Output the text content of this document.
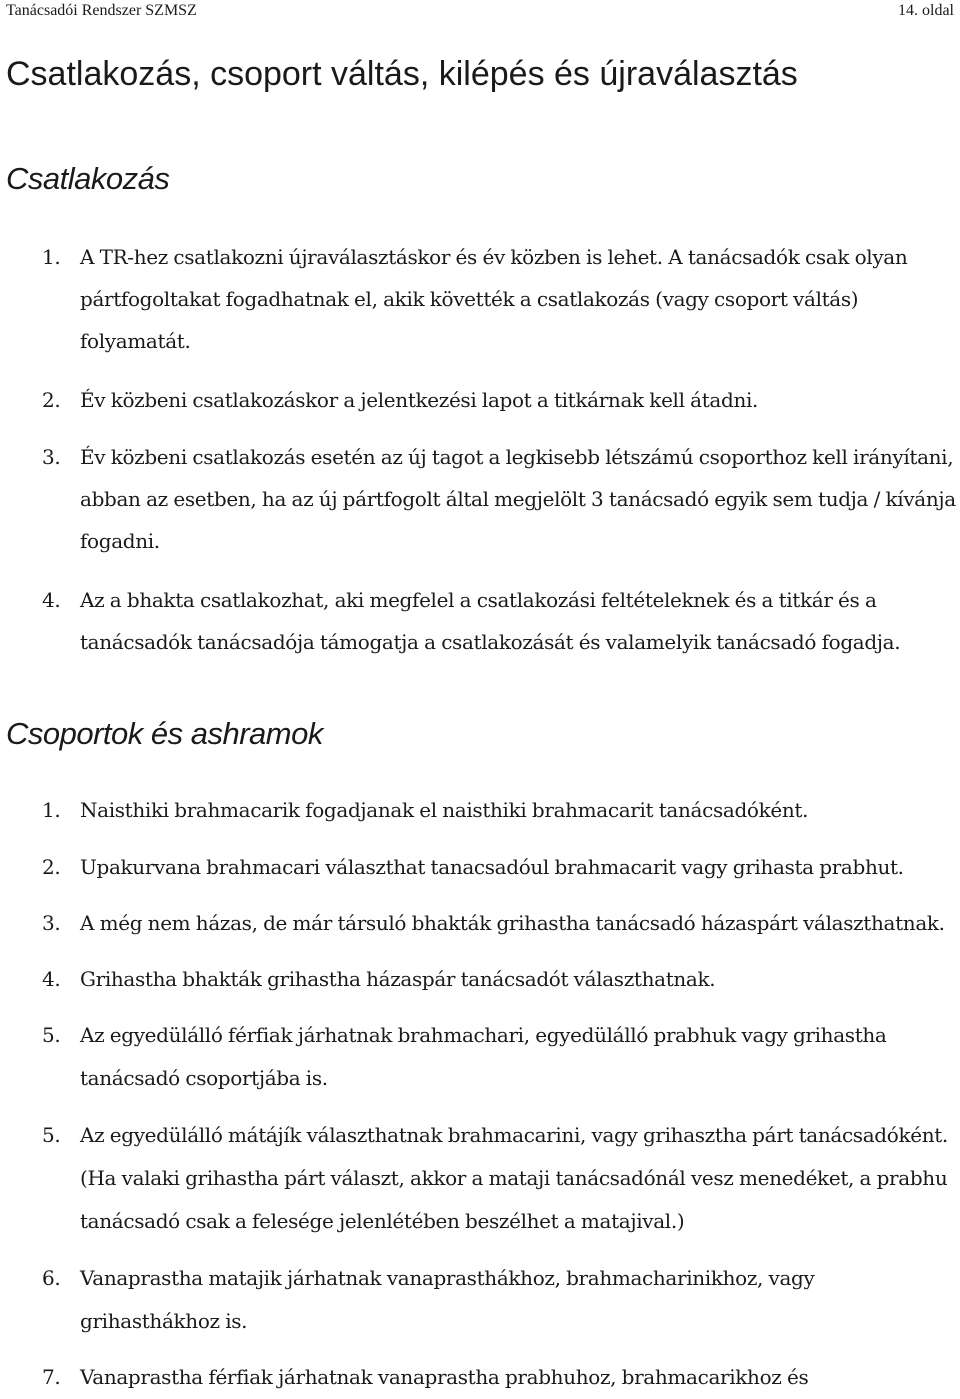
Tanácsadói Rendszer SZMSZ	14. oldal
Csatlakozás, csoport váltás, kilépés és újraválasztás
Csatlakozás
1. A TR-hez csatlakozni újraválasztáskor és év közben is lehet. A tanácsadók csak olyan pártfogoltakat fogadhatnak el, akik követték a csatlakozás (vagy csoport váltás) folyamatát.
2. Év közbeni csatlakozáskor a jelentkezési lapot a titkárnak kell átadni.
3. Év közbeni csatlakozás esetén az új tagot a legkisebb létszámú csoporthoz kell irányítani, abban az esetben, ha az új pártfogolt által megjelölt 3 tanácsadó egyik sem tudja / kívánja fogadni.
4. Az a bhakta csatlakozhat, aki megfelel a csatlakozási feltételeknek és a titkár és a tanácsadók tanácsadója támogatja a csatlakozását és valamelyik tanácsadó fogadja.
Csoportok és ashramok
1. Naisthiki brahmacarik fogadjanak el naisthiki brahmacarit tanácsadóként.
2. Upakurvana brahmacari választhat tanacsadóul brahmacarit vagy grihasta prabhut.
3. A még nem házas, de már társuló bhakták grihastha tanácsadó házaspárt választhatnak.
4. Grihastha bhakták grihastha házaspár tanácsadót választhatnak.
5. Az egyedülálló férfiak járhatnak brahmachari, egyedülálló prabhuk vagy grihastha tanácsadó csoportjába is.
5. Az egyedülálló mátájík választhatnak brahmacarini, vagy grihasztha párt tanácsadóként. (Ha valaki grihastha párt választ, akkor a mataji tanácsadónál vesz menedéket, a prabhu tanácsadó csak a felesége jelenlétében beszélhet a matajival.)
6. Vanaprastha matajik járhatnak vanaprasthákhoz, brahmacharinikhoz, vagy grihasthákhoz is.
7. Vanaprastha férfiak járhatnak vanaprastha prabhuhoz, brahmacarikhoz és
